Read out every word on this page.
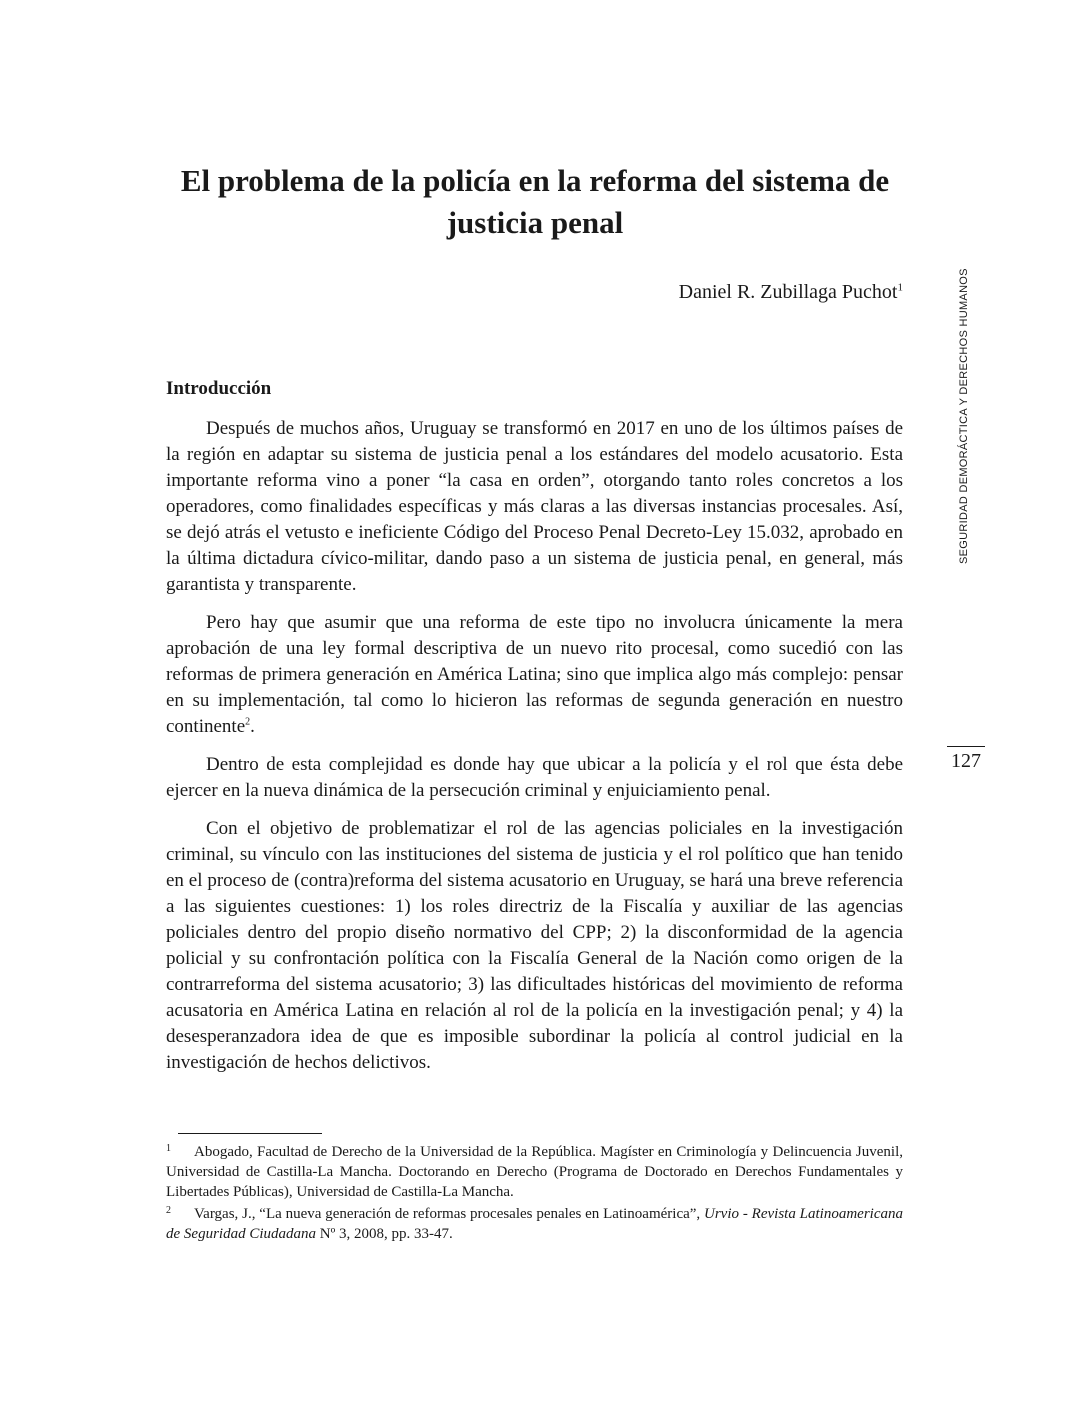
El problema de la policía en la reforma del sistema de justicia penal
Daniel R. Zubillaga Puchot$^1$
Introducción

Después de muchos años, Uruguay se transformó en 2017 en uno de los últimos países de la región en adaptar su sistema de justicia penal a los estándares del modelo acusatorio. Esta importante reforma vino a poner “la casa en orden”, otorgando tanto roles concretos a los operadores, como finalidades específicas y más claras a las diversas instancias procesales. Así, se dejó atrás el vetusto e ineficiente Código del Proceso Penal Decreto-Ley 15.032, aprobado en la última dictadura cívico-militar, dando paso a un sistema de justicia penal, en general, más garantista y transparente.

Pero hay que asumir que una reforma de este tipo no involucra únicamente la mera aprobación de una ley formal descriptiva de un nuevo rito procesal, como sucedió con las reformas de primera generación en América Latina; sino que implica algo más complejo: pensar en su implementación, tal como lo hicieron las reformas de segunda generación en nuestro continente$^2$.

Dentro de esta complejidad es donde hay que ubicar a la policía y el rol que ésta debe ejercer en la nueva dinámica de la persecución criminal y enjuiciamiento penal.

Con el objetivo de problematizar el rol de las agencias policiales en la investigación criminal, su vínculo con las instituciones del sistema de justicia y el rol político que han tenido en el proceso de (contra)reforma del sistema acusatorio en Uruguay, se hará una breve referencia a las siguientes cuestiones: 1) los roles directriz de la Fiscalía y auxiliar de las agencias policiales dentro del propio diseño normativo del CPP; 2) la disconformidad de la agencia policial y su confrontación política con la Fiscalía General de la Nación como origen de la contrarreforma del sistema acusatorio; 3) las dificultades históricas del movimiento de reforma acusatoria en América Latina en relación al rol de la policía en la investigación penal; y 4) la desesperanzadora idea de que es imposible subordinar la policía al control judicial en la investigación de hechos delictivos.

SEGURIDAD DEMORÁCTICA Y DERECHOS HUMANOS
127
1 Abogado, Facultad de Derecho de la Universidad de la República. Magíster en Criminología y Delincuencia Juvenil, Universidad de Castilla-La Mancha. Doctorando en Derecho (Programa de Doctorado en Derechos Fundamentales y Libertades Públicas), Universidad de Castilla-La Mancha.
2 Vargas, J., “La nueva generación de reformas procesales penales en Latinoamérica”, Urvio - Revista Latinoamericana de Seguridad Ciudadana Nº 3, 2008, pp. 33-47.
